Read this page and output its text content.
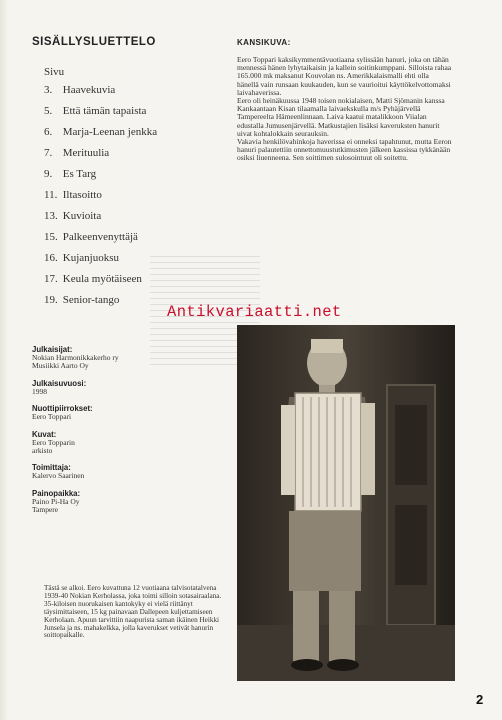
SISÄLLYSLUETTELO
Sivu
3.
Haavekuvia
5.
Että tämän tapaista
6.
Marja-Leenan jenkka
7.
Merituulia
9.
Es Targ
11.
Iltasoitto
13.
Kuvioita
15.
Palkeenvenyttäjä
16.
Kujanjuoksu
17.
Keula myötäiseen
19.
Senior-tango
KANSIKUVA:

Eero Toppari kaksikymmentävuotiaana sylissään hanuri, joka on tähän mennessä hänen lyhytaikaisin ja kallein soitinkumppani. Silloista rahaa 165.000 mk maksanut Kouvolan ns. Amerikkalaismalli ehti olla hänellä vain runsaan kuukauden, kun se vaurioitui käyttökelvottomaksi laivahaverissa.

Eero oli heinäkuussa 1948 toisen nokialaisen, Matti Sjömanin kanssa Kankaantaan Kisan tilaamalla laivaekskulla m/s Pyhäjärvellä Tampereelta Hämeenlinnaan. Laiva kaatui matalikkoon Viialan edustalla Jumusenjärvellä. Matkustajien lisäksi kaveruksten hanurit uivat kohtalokkain seurauksin.

Vakavia henkilövahinkoja haverissa ei onneksi tapahtunut, mutta Eeron hanuri palautettiin onnettomuustutkimusten jälkeen kassissa tykkänään osiksi liuenneena. Sen soittimen sulosointuut oli soitettu.

Antikvariaatti.net
Julkaisijat:
Nokian Harmonikkakerho ry
Musiikki Aarto Oy
Julkaisuvuosi:
1998
Nuottipiirrokset:
Eero Toppari
Kuvat:
Eero Topparin
arkisto
Toimittaja:
Kalervo Saarinen
Painopaikka:
Paino Pi-Ha Oy
Tampere
Tästä se alkoi. Eero kuvattuna 12 vuotiaana talvisotatalvena 1939-40 Nokian Kerholassa, joka toimi silloin sotasairaalana. 35-kiloisen nuorukaisen kantokyky ei vielä riittänyt täysimittaiseen, 15 kg painavaan Dallepeen kuljettamiseen Kerholaan. Apuun tarvittiin naapurista saman ikäinen Heikki Junsela ja ns. mahakelkka, jolla kaverukset vetivät hanurin soittopaikalle.
2
